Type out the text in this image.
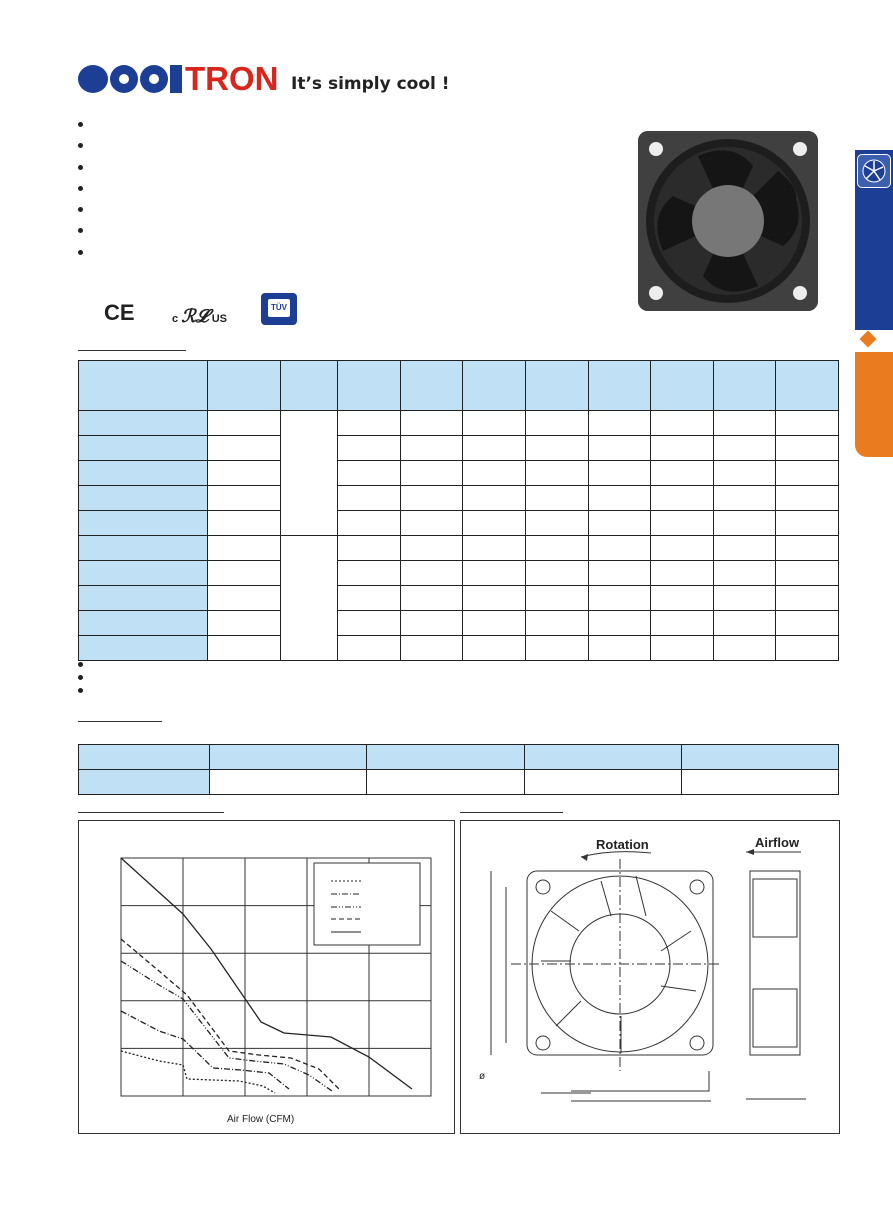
TRON It’s simply cool !
CE	c ℛ𝓛 US
TÜV

Air Flow (CFM)
Rotation	Airflow
ø
